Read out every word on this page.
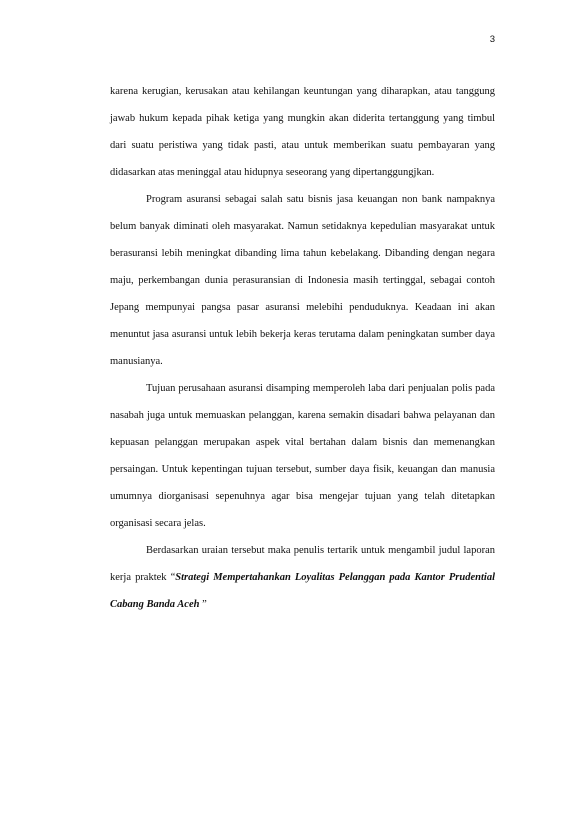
3

karena kerugian, kerusakan atau kehilangan keuntungan yang diharapkan, atau tanggung jawab hukum kepada pihak ketiga yang mungkin akan diderita tertanggung yang timbul dari suatu peristiwa yang tidak pasti, atau untuk memberikan suatu pembayaran yang didasarkan atas meninggal atau hidupnya seseorang yang dipertanggungjkan.

Program asuransi sebagai salah satu bisnis jasa keuangan non bank nampaknya belum banyak diminati oleh masyarakat. Namun setidaknya kepedulian masyarakat untuk berasuransi lebih meningkat dibanding lima tahun kebelakang. Dibanding dengan negara maju, perkembangan dunia perasuransian di Indonesia masih tertinggal, sebagai contoh Jepang mempunyai pangsa pasar asuransi melebihi penduduknya. Keadaan ini akan menuntut jasa asuransi untuk lebih bekerja keras terutama dalam peningkatan sumber daya manusianya.

Tujuan perusahaan asuransi disamping memperoleh laba dari penjualan polis pada nasabah juga untuk memuaskan pelanggan, karena semakin disadari bahwa pelayanan dan kepuasan pelanggan merupakan aspek vital bertahan dalam bisnis dan memenangkan persaingan. Untuk kepentingan tujuan tersebut, sumber daya fisik, keuangan dan manusia umumnya diorganisasi sepenuhnya agar bisa mengejar tujuan yang telah ditetapkan organisasi secara jelas.

Berdasarkan uraian tersebut maka penulis tertarik untuk mengambil judul laporan kerja praktek “Strategi Mempertahankan Loyalitas Pelanggan pada Kantor Prudential Cabang Banda Aceh ”
